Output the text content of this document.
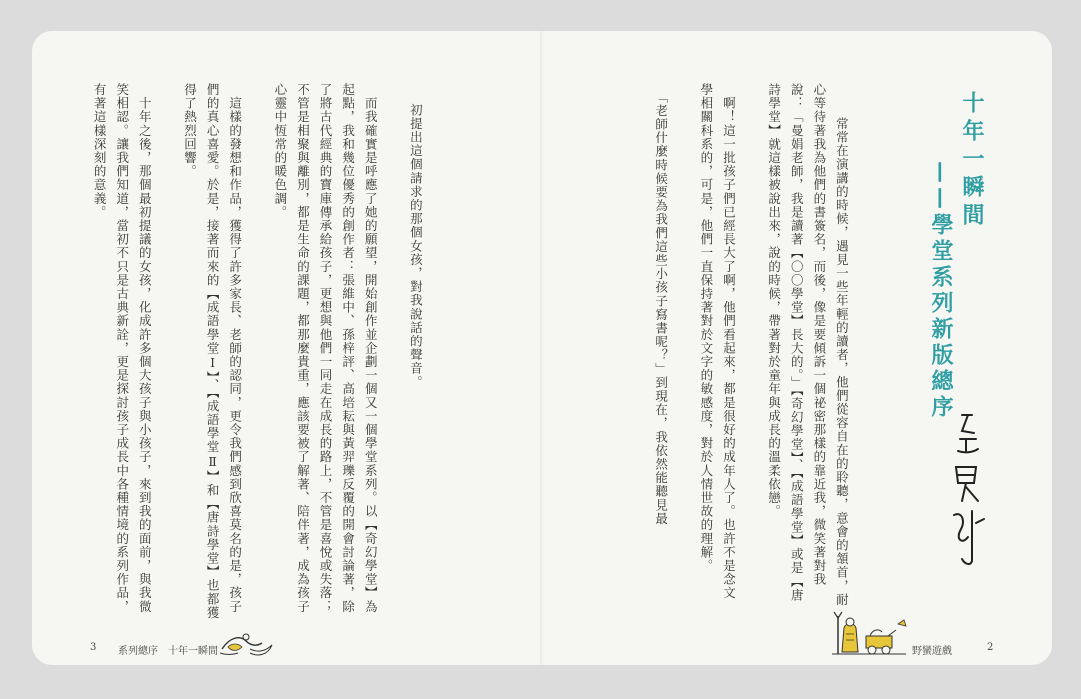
初提出這個請求的那個女孩，對我說話的聲音。

　而我確實是呼應了她的願望，開始創作並企劃一個又一個學堂系列。以【奇幻學堂】為起點，我和幾位優秀的創作者：張維中、孫梓評、高培耘與黃羿瓅反覆的開會討論著，除了將古代經典的寶庫傳承給孩子，更想與他們一同走在成長的路上，不管是喜悅或失落；不管是相聚與離別，都是生命的課題，都那麼貴重，應該要被了解著、陪伴著，成為孩子心靈中恆常的暖色調。

　這樣的發想和作品，獲得了許多家長、老師的認同，更令我們感到欣喜莫名的是，孩子們的真心喜愛。於是，接著而來的【成語學堂Ⅰ】、【成語學堂Ⅱ】和【唐詩學堂】也都獲得了熱烈回響。

　十年之後，那個最初提議的女孩，化成許多個大孩子與小孩子，來到我的面前，與我微笑相認。讓我們知道，當初不只是古典新詮，更是探討孩子成長中各種情境的系列作品，有著這樣深刻的意義。

3 系列總序　十年一瞬間

　常常在演講的時候，遇見一些年輕的讀者，他們從容自在的聆聽，意會的頷首，耐心等待著我為他們的書簽名，而後，像是要傾訴一個祕密那樣的靠近我，微笑著對我說：「曼娟老師，我是讀著【〇〇學堂】長大的。」【奇幻學堂】、【成語學堂】或是【唐詩學堂】就這樣被說出來，說的時候，帶著對於童年與成長的溫柔依戀。

　啊！這一批孩子們已經長大了啊，他們看起來，都是很好的成年人了。也許不是念文學相關科系的，可是，他們一直保持著對於文字的敏感度，對於人情世故的理解。

　「老師什麼時候要為我們這些小孩子寫書呢？」到現在，我依然能聽見最
	十年一瞬間
——學堂系列新版總序
野蠻遊戲	2
